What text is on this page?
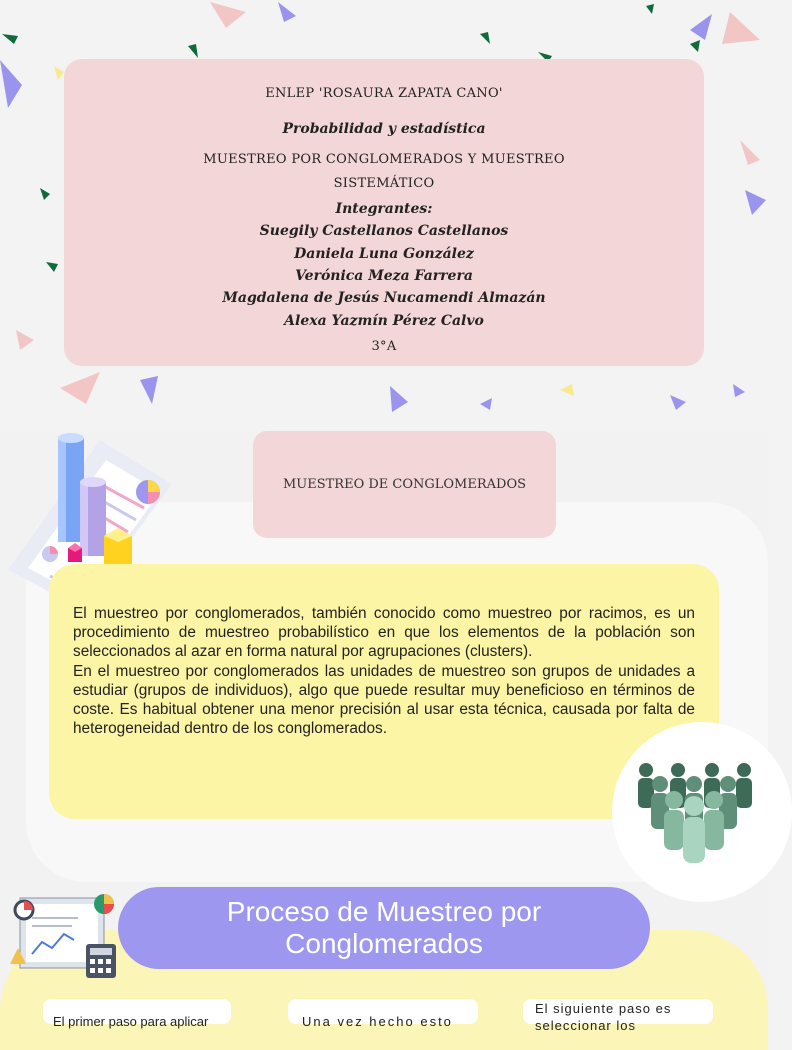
ENLEP 'ROSAURA ZAPATA CANO'
Probabilidad y estadística
MUESTREO POR CONGLOMERADOS Y MUESTREO
SISTEMÁTICO
Integrantes:
Suegily Castellanos Castellanos
Daniela Luna González
Verónica Meza Farrera
Magdalena de Jesús Nucamendi Almazán
Alexa Yazmín Pérez Calvo
3°A
MUESTREO DE CONGLOMERADOS

El muestreo por conglomerados, también conocido como muestreo por racimos, es un procedimiento de muestreo probabilístico en que los elementos de la población son seleccionados al azar en forma natural por agrupaciones (clusters).

En el muestreo por conglomerados las unidades de muestreo son grupos de unidades a estudiar (grupos de individuos), algo que puede resultar muy beneficioso en términos de coste. Es habitual obtener una menor precisión al usar esta técnica, causada por falta de heterogeneidad dentro de los conglomerados.

Proceso de Muestreo por Conglomerados
El primer paso para aplicar	Una vez hecho esto
El siguiente paso es seleccionar los
